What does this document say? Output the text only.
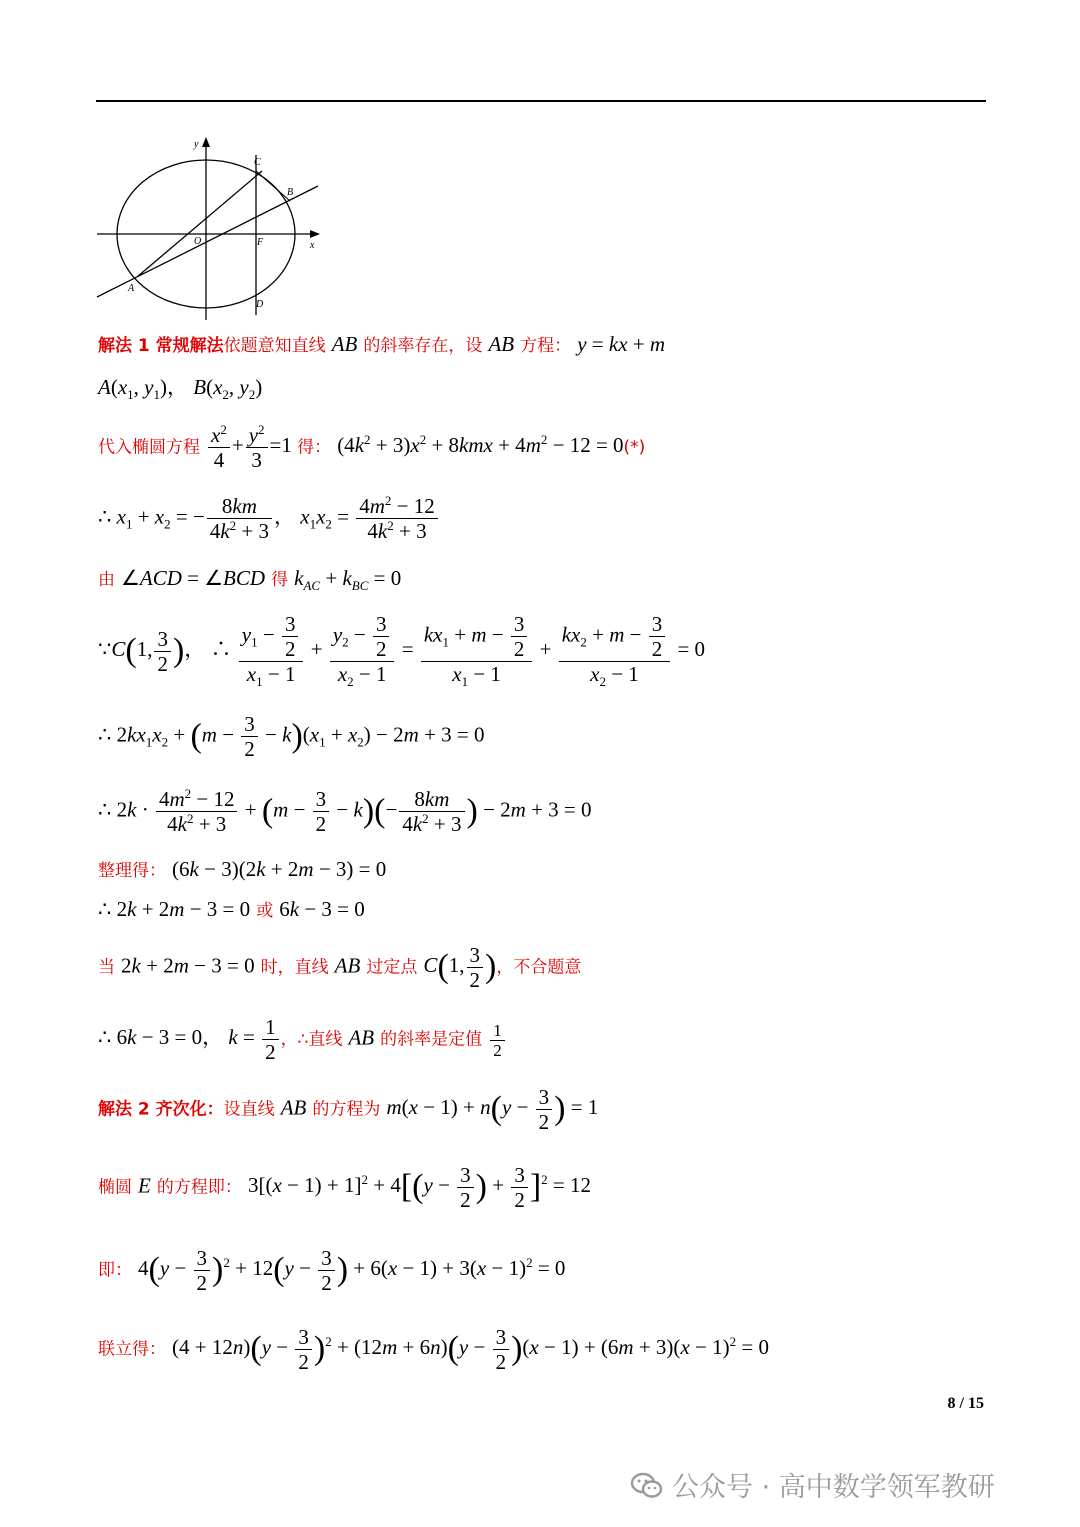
y
x
O	F
A
B
C
D
解法 1 常规解法依题意知直线 AB 的斜率存在，设 AB 方程： y = kx + m
$A(x_1$, $y_1$)， $B(x_2$, $y_2$)
代入椭圆方程 $\frac{x^2}{4} + \frac{y^2}{3} =1$ 得： $(4k^2 + 3)x^2 + 8kmx + 4m^2 - 12 = 0(*)$
∴ $x_1 + x_2$ = − $\frac{8km}{4k^2 + 3}$ ， $x_1x_2 = \frac{4m^2 - 12}{4k^2 + 3}$
由 ∠ACD = ∠BCD 得 $k_{AC} + k_{BC} = 0$
∵C(1, $\frac{3}{2}$ )， ∴ $\frac{y_1 - \frac{3}{2}}{x_1 - 1} + \frac{y_2 - \frac{3}{2}}{x_2 - 1} = \frac{kx_1 + m - \frac{3}{2}}{x_1 - 1} + \frac{kx_2 + m - \frac{3}{2}}{x_2 - 1} = 0$
∴ $2kx_1x_2 + (m - \frac{3}{2} - k)(x_1 + x_2) - 2m + 3 = 0$
∴ $2k \cdot \frac{4m^2 - 12}{4k^2 + 3} + (m - \frac{3}{2} - k)(- \frac{8km}{4k^2 + 3}$ ) − 2m + 3 = 0
整理得： (6k − 3)(2k + 2m − 3) = 0
∴ 2k + 2m − 3 = 0 或 6k − 3 = 0
当 2k + 2m − 3 = 0 时，直线 AB 过定点 C(1, $\frac{3}{2}$ )，不合题意
∴ 6k − 3 = 0， $k = \frac{1}{2}$ ，∴直线 AB 的斜率是定值 $\frac{1}{2}$
解法 2 齐次化：设直线 AB 的方程为 $m(x - 1) + n(y - \frac{3}{2}$ ) = 1
椭圆 E 的方程即： $3[(x - 1) + 1]^2 + 4[(y - \frac{3}{2}$ ) + $\frac{3}{2} ]^2 = 12$
即： $4(y - \frac{3}{2} )^2 + 12(y - \frac{3}{2}$ ) + $6(x - 1) + 3(x - 1)^2 = 0$
联立得： $(4 + 12n)(y - \frac{3}{2} )^2 + (12m + 6n)(y - \frac{3}{2} )(x - 1) + (6m + 3)(x - 1)^2 = 0$
8 / 15
公众号 · 高中数学领军教研
